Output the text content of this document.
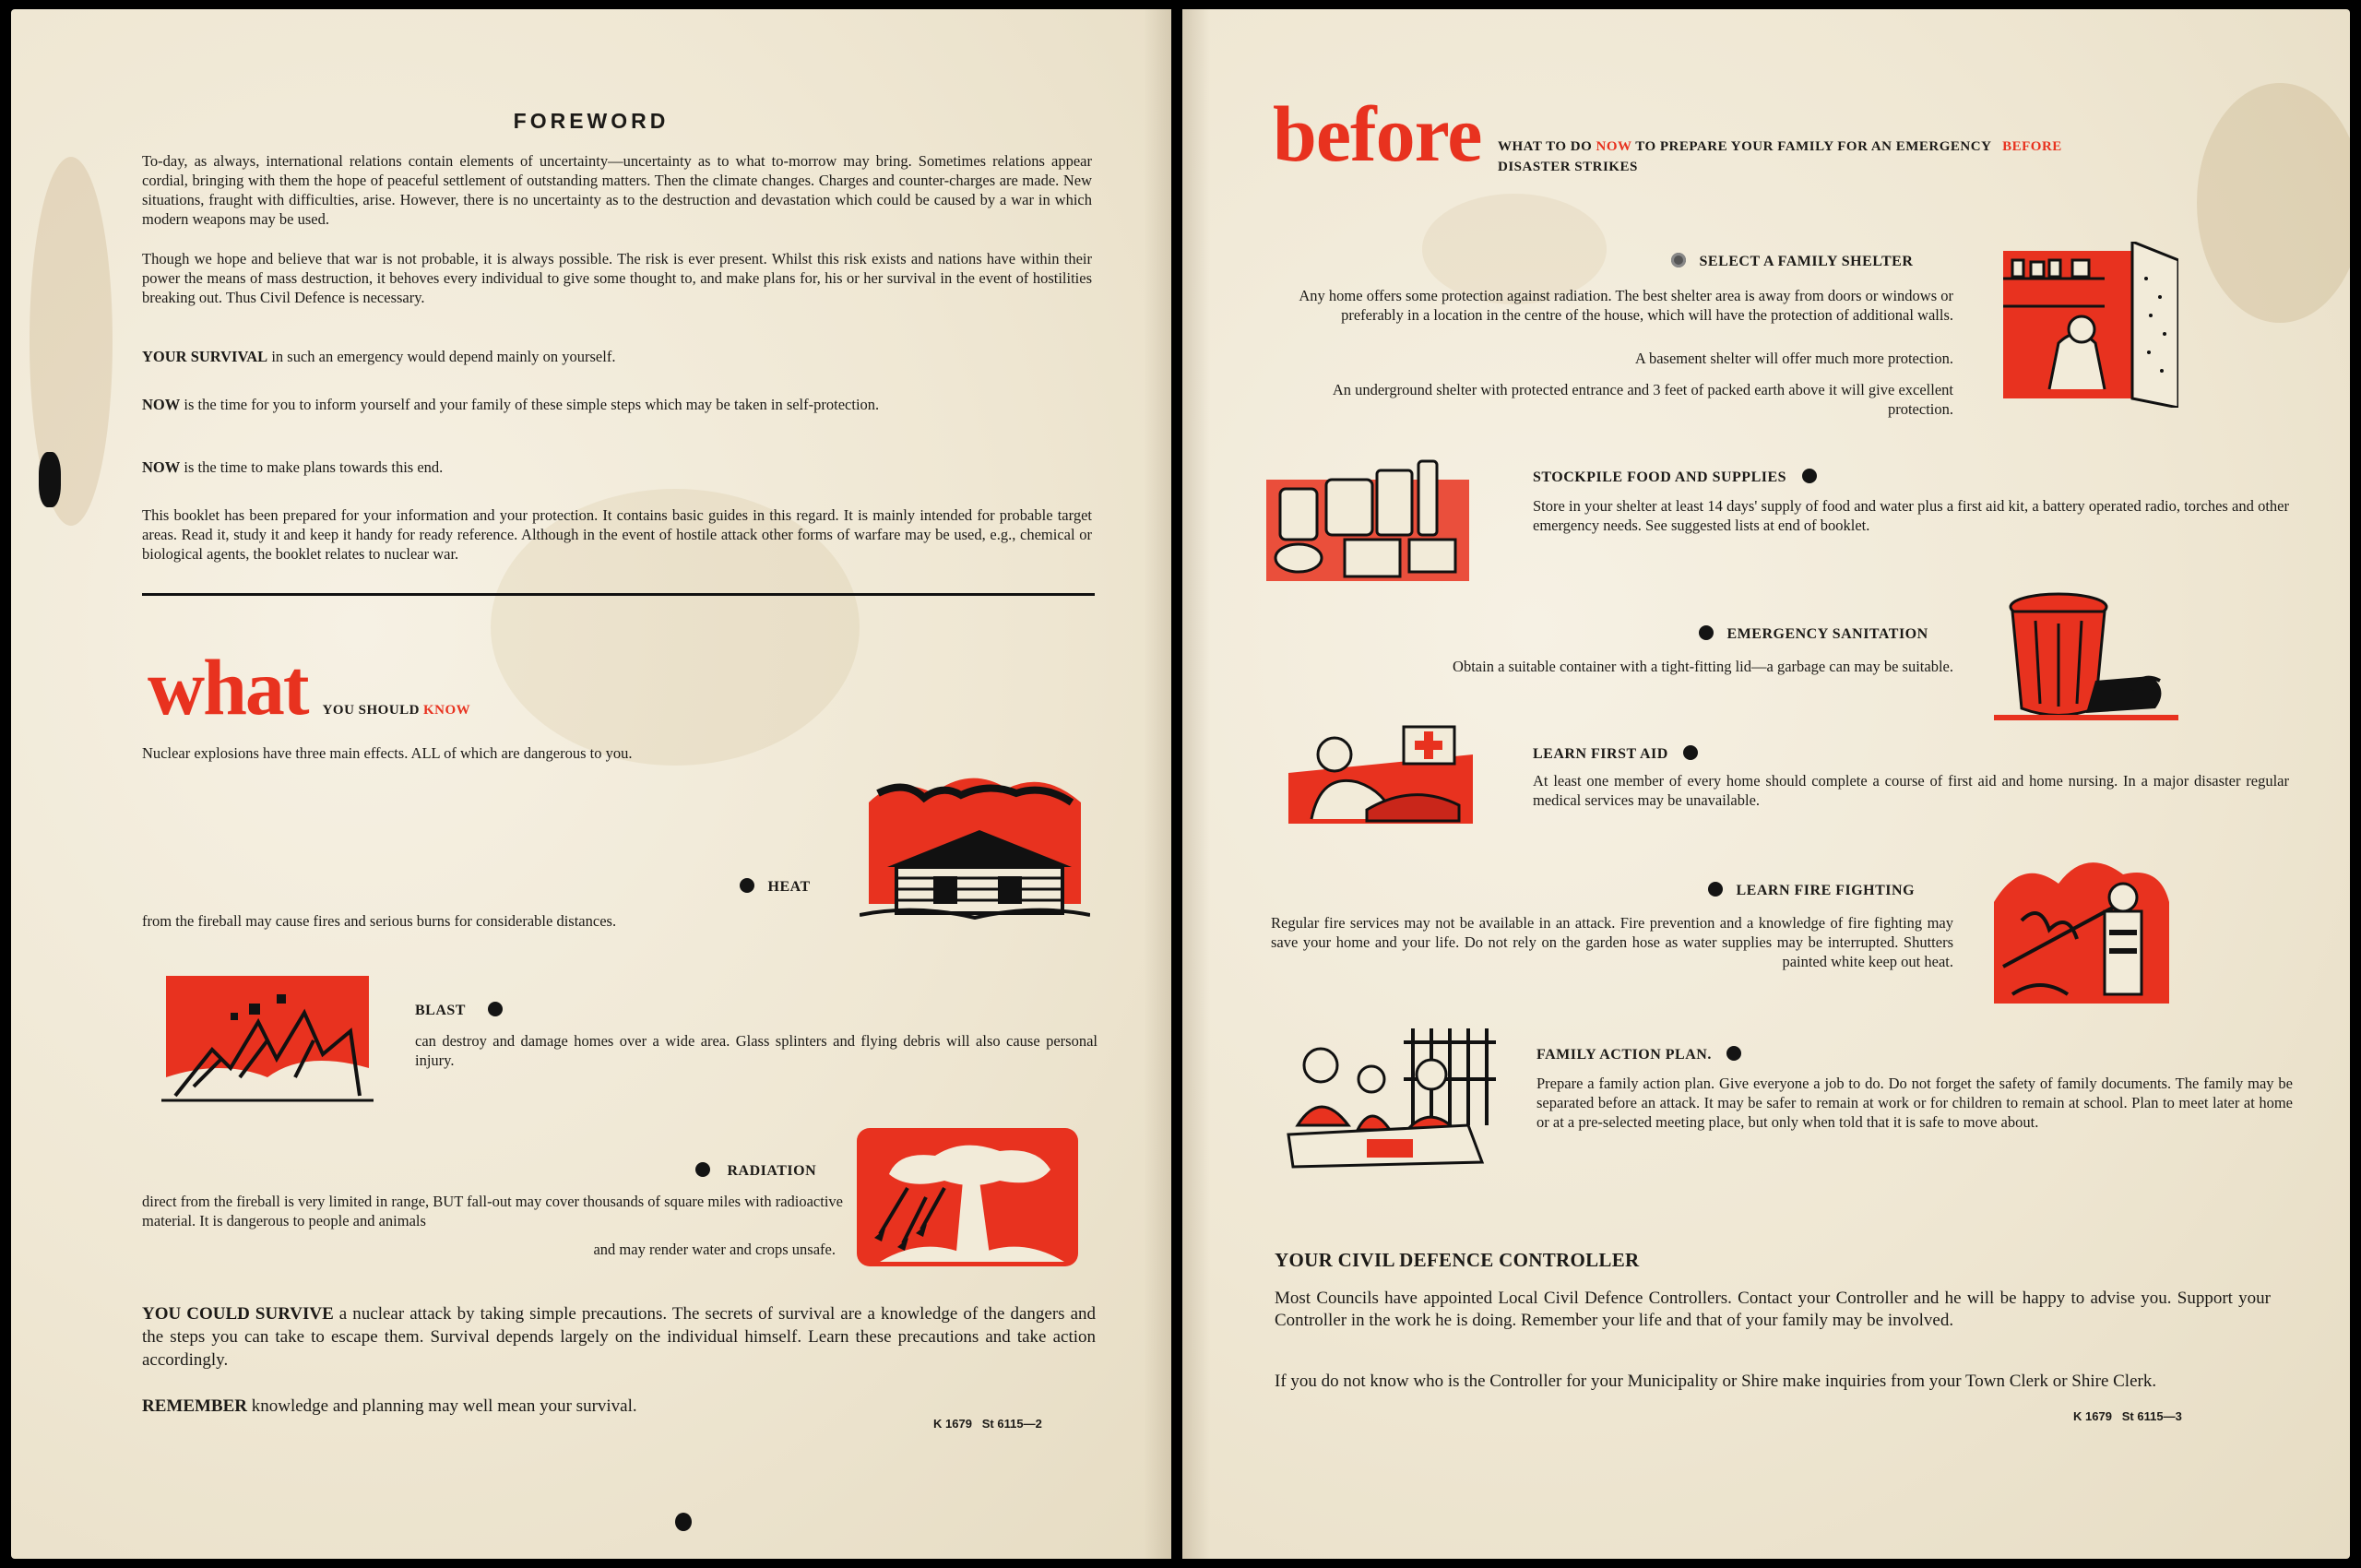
FOREWORD

To-day, as always, international relations contain elements of uncertainty—uncertainty as to what to-morrow may bring. Sometimes relations appear cordial, bringing with them the hope of peaceful settlement of outstanding matters. Then the climate changes. Charges and counter-charges are made. New situations, fraught with difficulties, arise. However, there is no uncertainty as to the destruction and devastation which could be caused by a war in which modern weapons may be used.

Though we hope and believe that war is not probable, it is always possible. The risk is ever present. Whilst this risk exists and nations have within their power the means of mass destruction, it behoves every individual to give some thought to, and make plans for, his or her survival in the event of hostilities breaking out. Thus Civil Defence is necessary.

YOUR SURVIVAL in such an emergency would depend mainly on yourself.

NOW is the time for you to inform yourself and your family of these simple steps which may be taken in self-protection.

NOW is the time to make plans towards this end.

This booklet has been prepared for your information and your protection. It contains basic guides in this regard. It is mainly intended for probable target areas. Read it, study it and keep it handy for ready reference. Although in the event of hostile attack other forms of warfare may be used, e.g., chemical or biological agents, the booklet relates to nuclear war.

what YOU SHOULD KNOW

Nuclear explosions have three main effects. ALL of which are dangerous to you.

HEAT

from the fireball may cause fires and serious burns for considerable distances.

BLAST

can destroy and damage homes over a wide area. Glass splinters and flying debris will also cause personal injury.

RADIATION

direct from the fireball is very limited in range, BUT fall-out may cover thousands of square miles with radioactive material. It is dangerous to people and animals

and may render water and crops unsafe.

YOU COULD SURVIVE a nuclear attack by taking simple precautions. The secrets of survival are a knowledge of the dangers and the steps you can take to escape them. Survival depends largely on the individual himself. Learn these precautions and take action accordingly.

REMEMBER knowledge and planning may well mean your survival.

K 1679   St 6115—2
before WHAT TO DO NOW TO PREPARE YOUR FAMILY FOR AN EMERGENCY BEFORE
DISASTER STRIKES
SELECT A FAMILY SHELTER

Any home offers some protection against radiation. The best shelter area is away from doors or windows or preferably in a location in the centre of the house, which will have the protection of additional walls.

A basement shelter will offer much more protection.

An underground shelter with protected entrance and 3 feet of packed earth above it will give excellent protection.

STOCKPILE FOOD AND SUPPLIES

Store in your shelter at least 14 days' supply of food and water plus a first aid kit, a battery operated radio, torches and other emergency needs. See suggested lists at end of booklet.

EMERGENCY SANITATION

Obtain a suitable container with a tight-fitting lid—a garbage can may be suitable.

LEARN FIRST AID

At least one member of every home should complete a course of first aid and home nursing. In a major disaster regular medical services may be unavailable.

LEARN FIRE FIGHTING

Regular fire services may not be available in an attack. Fire prevention and a knowledge of fire fighting may save your home and your life. Do not rely on the garden hose as water supplies may be interrupted. Shutters painted white keep out heat.

FAMILY ACTION PLAN.

Prepare a family action plan. Give everyone a job to do. Do not forget the safety of family documents. The family may be separated before an attack. It may be safer to remain at work or for children to remain at school. Plan to meet later at home or at a pre-selected meeting place, but only when told that it is safe to move about.

YOUR CIVIL DEFENCE CONTROLLER

Most Councils have appointed Local Civil Defence Controllers. Contact your Controller and he will be happy to advise you. Support your Controller in the work he is doing. Remember your life and that of your family may be involved.

If you do not know who is the Controller for your Municipality or Shire make inquiries from your Town Clerk or Shire Clerk.

K 1679   St 6115—3
